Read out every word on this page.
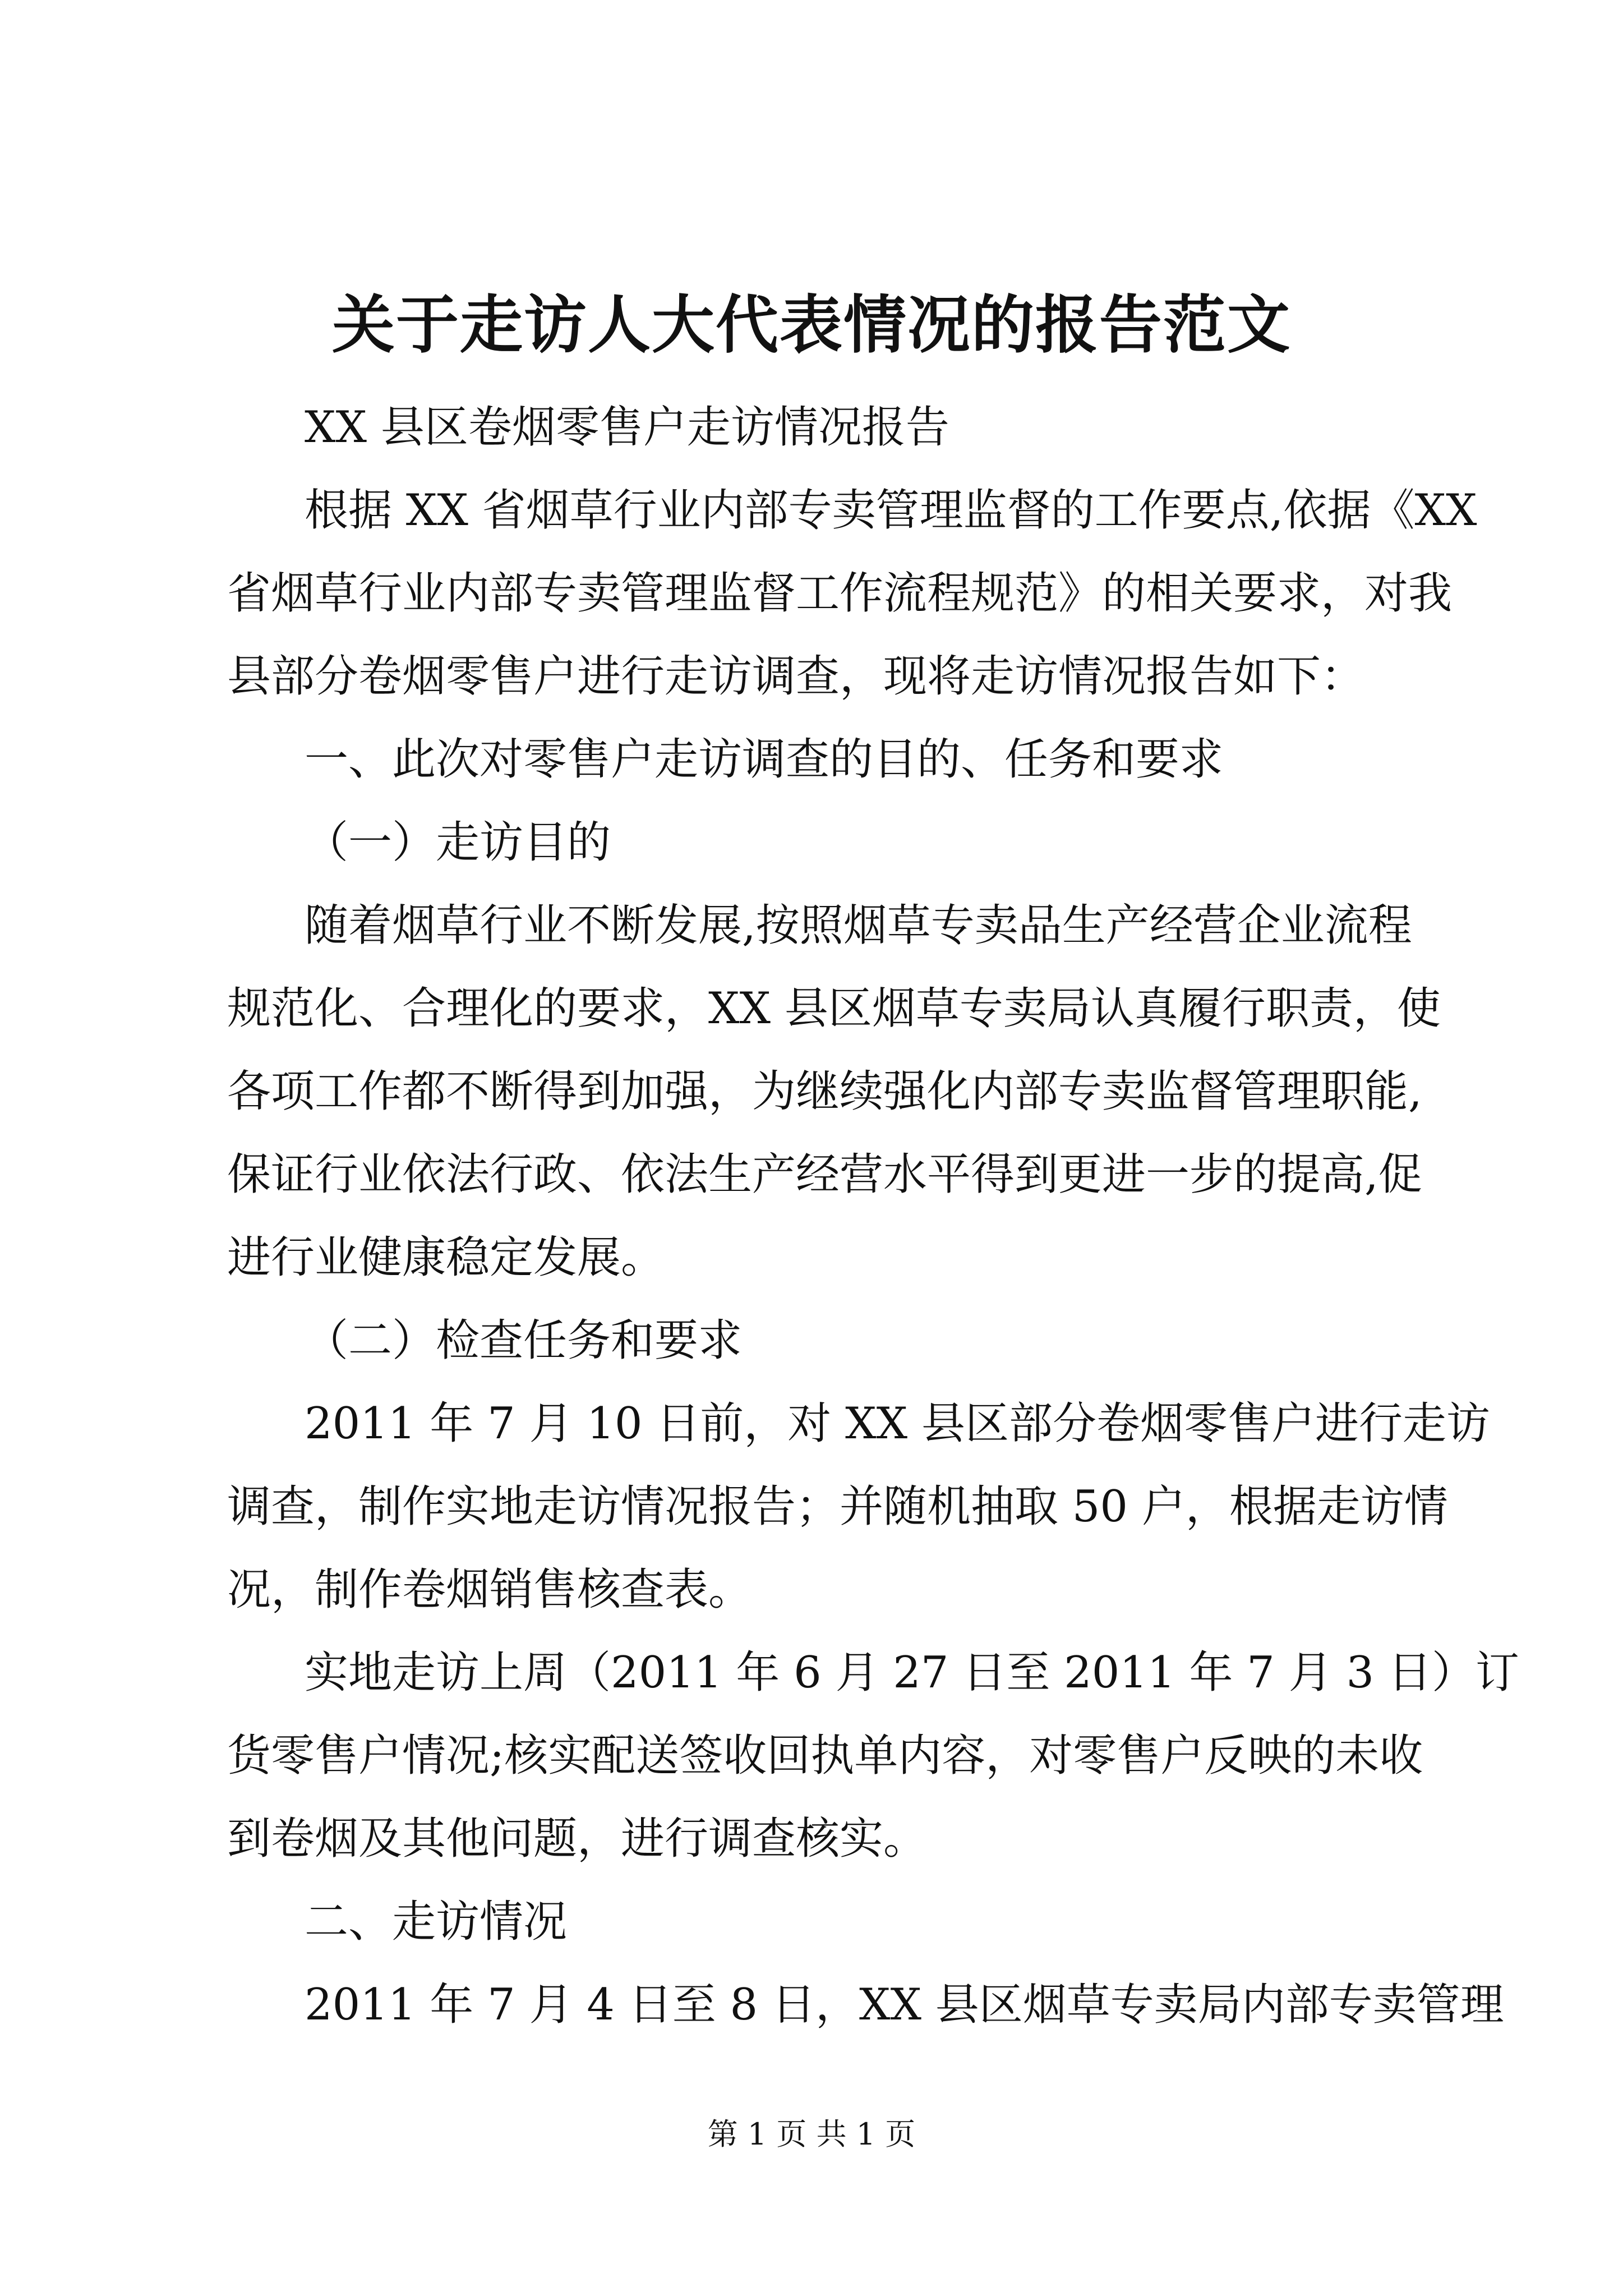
关于走访人大代表情况的报告范文
XX 县区卷烟零售户走访情况报告
根据 XX 省烟草行业内部专卖管理监督的工作要点,依据《XX
省烟草行业内部专卖管理监督工作流程规范》的相关要求，对我
县部分卷烟零售户进行走访调查，现将走访情况报告如下：
一、此次对零售户走访调查的目的、任务和要求
（一）走访目的
随着烟草行业不断发展,按照烟草专卖品生产经营企业流程
规范化、合理化的要求，XX 县区烟草专卖局认真履行职责，使
各项工作都不断得到加强，为继续强化内部专卖监督管理职能,
保证行业依法行政、依法生产经营水平得到更进一步的提高,促
进行业健康稳定发展。
（二）检查任务和要求
2011 年 7 月 10 日前，对 XX 县区部分卷烟零售户进行走访
调查，制作实地走访情况报告；并随机抽取 50 户，根据走访情
况，制作卷烟销售核查表。
实地走访上周（2011 年 6 月 27 日至 2011 年 7 月 3 日）订
货零售户情况;核实配送签收回执单内容，对零售户反映的未收
到卷烟及其他问题，进行调查核实。
二、走访情况
2011 年 7 月 4 日至 8 日，XX 县区烟草专卖局内部专卖管理
第 1 页 共 1 页
